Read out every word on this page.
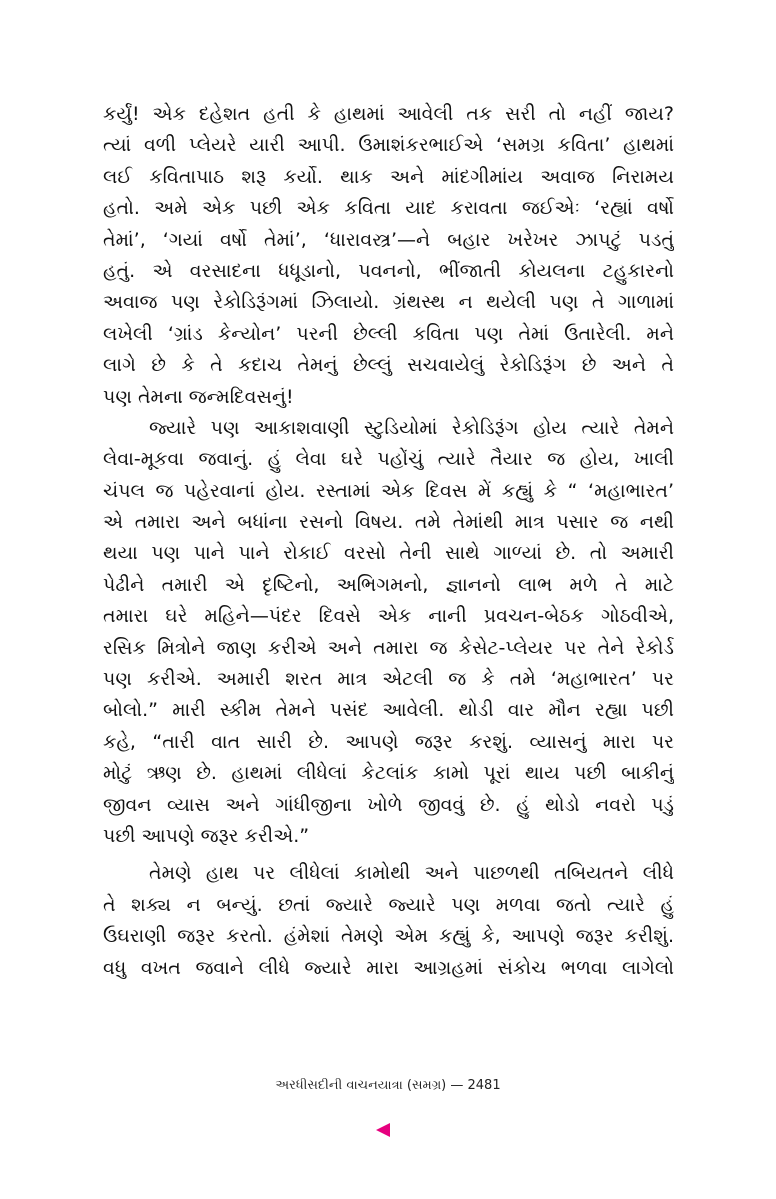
કર્યું! એક દહેશત હતી કે હાથમાં આવેલી તક સરી તો નહીં જાય?
ત્યાં વળી પ્લેયરે યારી આપી. ઉમાશંકરભાઈએ ‘સમગ્ર કવિતા’ હાથમાં
લઈ કવિતાપાઠ શરૂ કર્યો. થાક અને માંદગીમાંય અવાજ નિરામય
હતો. અમે એક પછી એક કવિતા યાદ કરાવતા જઈએઃ ‘રહ્યાં વર્ષો
તેમાં’, ‘ગયાં વર્ષો તેમાં’, ‘ધારાવસ્ત્ર’—ને બહાર ખરેખર ઝાપટું પડતું
હતું. એ વરસાદના ધધૂડાનો, પવનનો, ભીંજાતી કોયલના ટહુકારનો
અવાજ પણ રેકોડિરૂંગમાં ઝિલાયો. ગ્રંથસ્થ ન થયેલી પણ તે ગાળામાં
લખેલી ‘ગ્રાંડ કેન્યોન’ પરની છેલ્લી કવિતા પણ તેમાં ઉતારેલી. મને
લાગે છે કે તે કદાચ તેમનું છેલ્લું સચવાયેલું રેકોડિરૂંગ છે અને તે
પણ તેમના જન્મદિવસનું!
જ્યારે પણ આકાશવાણી સ્ટુડિયોમાં રેકોડિરૂંગ હોય ત્યારે તેમને
લેવા-મૂકવા જવાનું. હું લેવા ઘરે પહોંચું ત્યારે તૈયાર જ હોય, ખાલી
ચંપલ જ પહેરવાનાં હોય. રસ્તામાં એક દિવસ મેં કહ્યું કે “ ‘મહાભારત’
એ તમારા અને બધાંના રસનો વિષય. તમે તેમાંથી માત્ર પસાર જ નથી
થયા પણ પાને પાને રોકાઈ વરસો તેની સાથે ગાળ્યાં છે. તો અમારી
પેઢીને તમારી એ દૃષ્ટિનો, અભિગમનો, જ્ઞાનનો લાભ મળે તે માટે
તમારા ઘરે મહિને—પંદર દિવસે એક નાની પ્રવચન-બેઠક ગોઠવીએ,
રસિક મિત્રોને જાણ કરીએ અને તમારા જ કેસેટ-પ્લેયર પર તેને રેકોર્ડ
પણ કરીએ. અમારી શરત માત્ર એટલી જ કે તમે ‘મહાભારત’ પર
બોલો.” મારી સ્કીમ તેમને પસંદ આવેલી. થોડી વાર મૌન રહ્યા પછી
કહે, “તારી વાત સારી છે. આપણે જરૂર કરશું. વ્યાસનું મારા પર
મોટું ઋણ છે. હાથમાં લીધેલાં કેટલાંક કામો પૂરાં થાય પછી બાકીનું
જીવન વ્યાસ અને ગાંધીજીના ખોળે જીવવું છે. હું થોડો નવરો પડું
પછી આપણે જરૂર કરીએ.”
તેમણે હાથ પર લીધેલાં કામોથી અને પાછળથી તબિયતને લીધે
તે શક્ય ન બન્યું. છતાં જ્યારે જ્યારે પણ મળવા જતો ત્યારે હું
ઉઘરાણી જરૂર કરતો. હંમેશાં તેમણે એમ કહ્યું કે, આપણે જરૂર કરીશું.
વધુ વખત જવાને લીધે જ્યારે મારા આગ્રહમાં સંકોચ ભળવા લાગેલો
અરધીસદીની વાચનયાત્રા (સમગ્ર) — 2481
